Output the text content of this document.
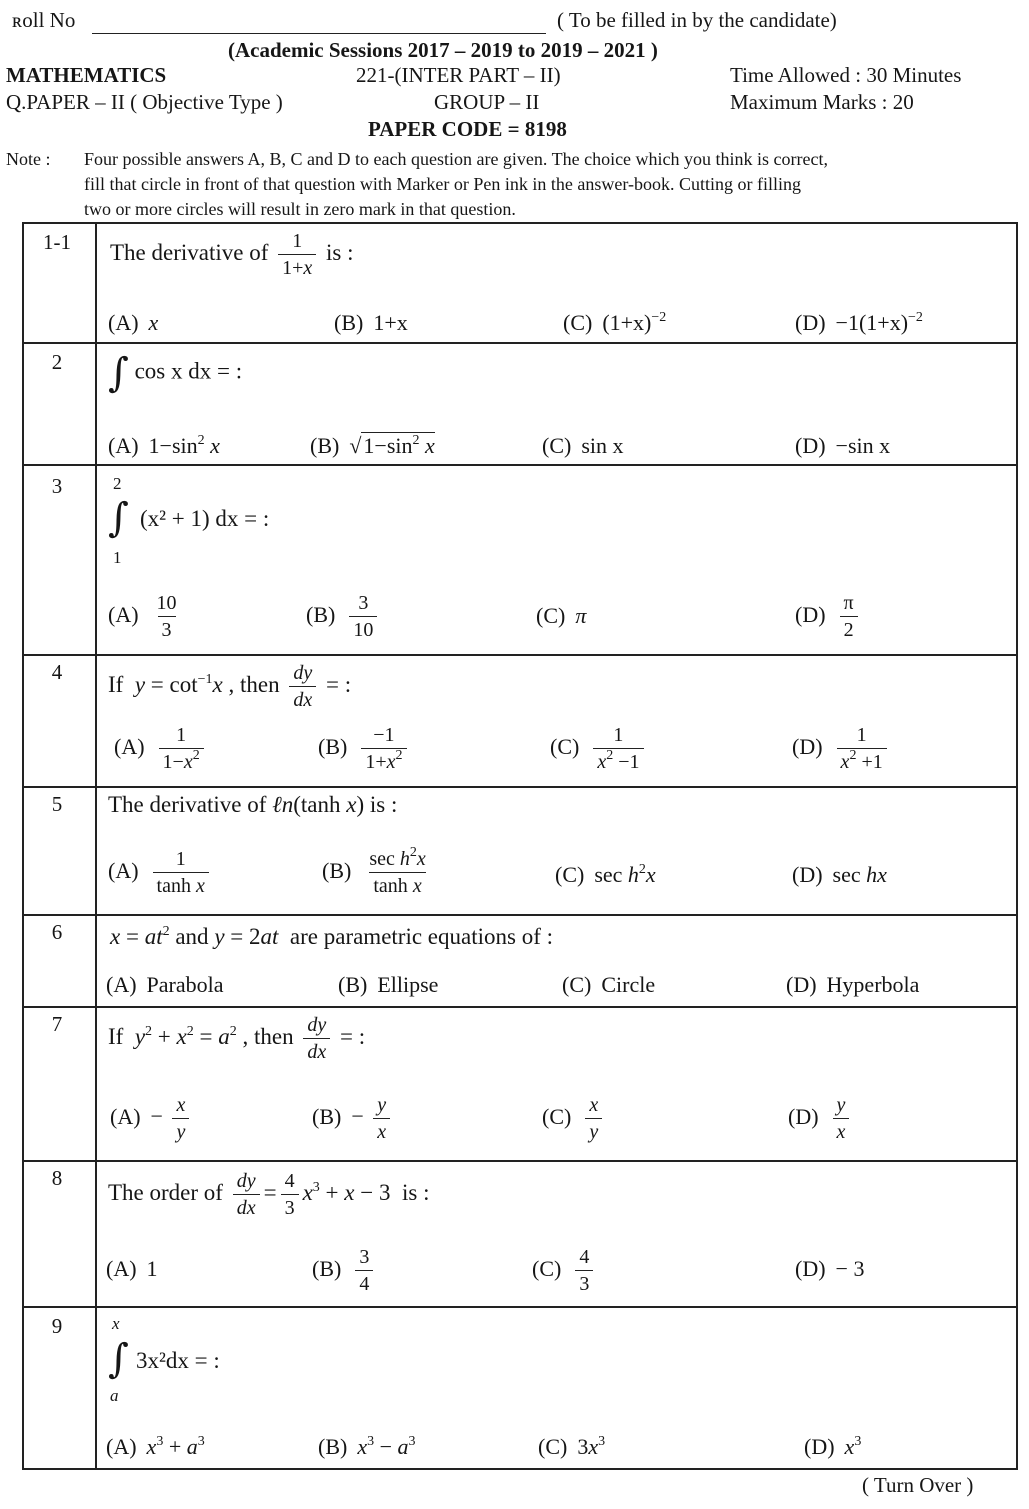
ʀoll No	( To be filled in by the candidate)
(Academic Sessions 2017 – 2019 to 2019 – 2021 )
MATHEMATICS	221-(INTER PART – II)	Time Allowed : 30 Minutes
Q.PAPER – II ( Objective Type )	GROUP – II	Maximum Marks : 20
PAPER CODE = 8198
Note : Four possible answers A, B, C and D to each question are given. The choice which you think is correct,
fill that circle in front of that question with Marker or Pen ink in the answer-book. Cutting or filling
two or more circles will result in zero mark in that question.
1-1	The derivative of $\frac{1}{1+x}$ is :
(A) x	(B) 1+x	(C) $(1+x)^{-2}$	$(D) -1(1+x)^{-2}$
2	∫ cos x dx = :
(A) $1-\sin^2$ x	(B) $√1-\sin^2$ x	(C) sin x	(D) −sin x
3	2
∫
1
(x² + 1) dx = :
$(A) \frac{10}{3}$	$(B) \frac{3}{10}$	(C) π	$(D) \frac{\pi}{2}$
4	If $y = \cot^{-1}x$ , then $\frac{dy}{dx}$ = :
$(A) \frac{1}{1-x^2}$	$(B) \frac{-1}{1+x^2}$	$(C) \frac{1}{x^2 -1}$	$(D) \frac{1}{x^2 +1}$
5	The derivative of ℓn(tanh x) is :
$(A) \frac{1}{\text{tanh x}}$	$(B) \frac{\sec h^2x}{\text{tanh x}}$	(C) $\sec h^2x$	(D) sec hx
6	$x = at^2$ and y = 2at are parametric equations of :
(A) Parabola	(B) Ellipse	(C) Circle	(D) Hyperbola
7	If $y^2 + x^2 = a^2$ , then $\frac{dy}{dx}$ = :
$(A) - \frac{x}{y}$	$(B) - \frac{y}{x}$	$(C) \frac{x}{y}$	$(D) \frac{y}{x}$
8
The order of $\frac{dy}{dx} = \frac{4}{3} x^3 + x - 3$  is :
(A) 1	$(B) \frac{3}{4}$	$(C) \frac{4}{3}$	(D) − 3
9	x
∫
a
3x²dx = :
(A) $x^3 + a^3$	(B) $x^3 - a^3$	(C) $3x^3$	(D) $x^3$
( Turn Over )
